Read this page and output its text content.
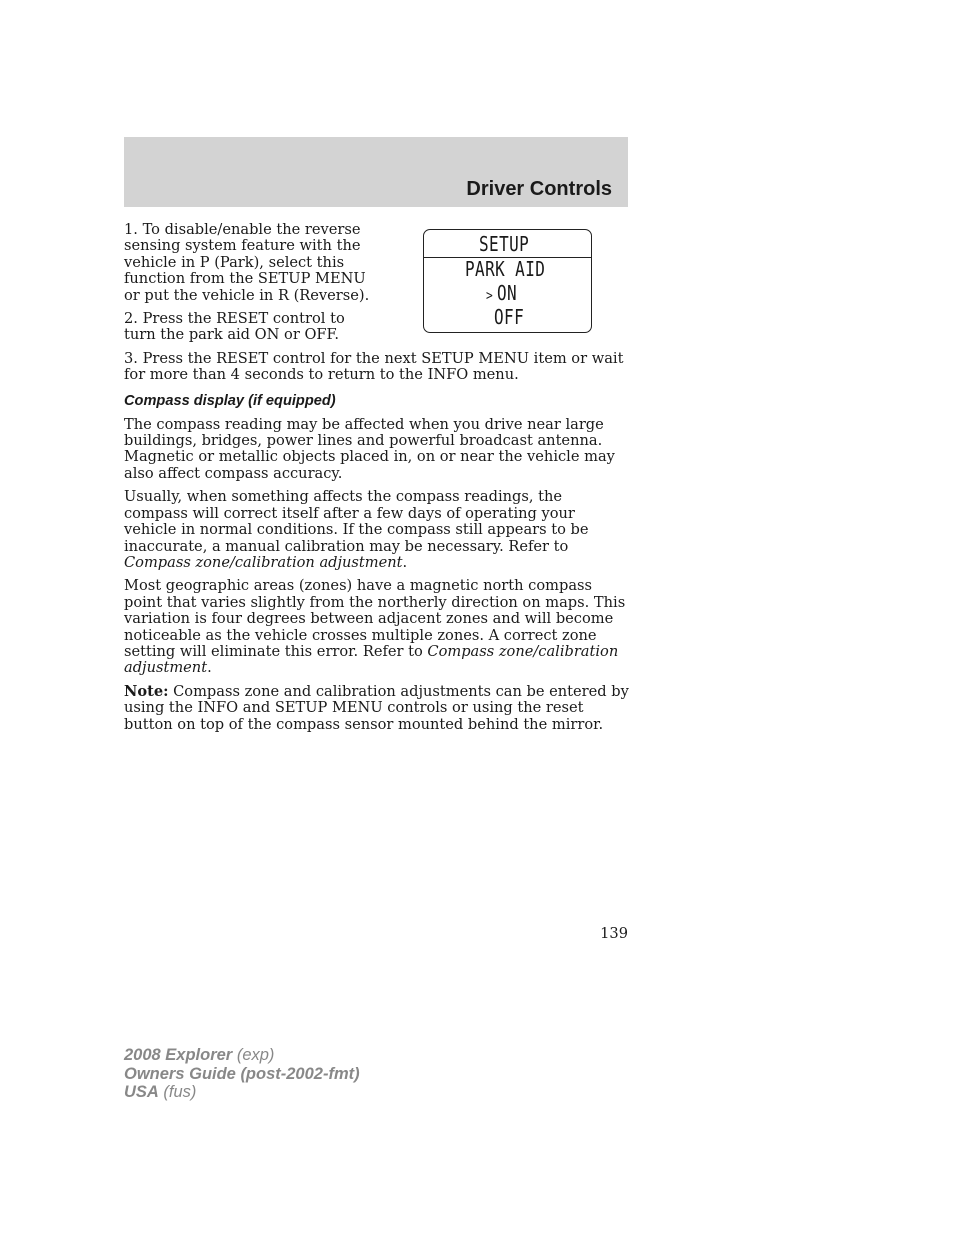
Driver Controls
SETUP
PARK AID
> ON
OFF

1. To disable/enable the reverse sensing system feature with the vehicle in P (Park), select this function from the SETUP MENU or put the vehicle in R (Reverse).

2. Press the RESET control to turn the park aid ON or OFF.

3. Press the RESET control for the next SETUP MENU item or wait for more than 4 seconds to return to the INFO menu.

Compass display (if equipped)

The compass reading may be affected when you drive near large buildings, bridges, power lines and powerful broadcast antenna. Magnetic or metallic objects placed in, on or near the vehicle may also affect compass accuracy.

Usually, when something affects the compass readings, the compass will correct itself after a few days of operating your vehicle in normal conditions. If the compass still appears to be inaccurate, a manual calibration may be necessary. Refer to Compass zone/calibration adjustment.

Most geographic areas (zones) have a magnetic north compass point that varies slightly from the northerly direction on maps. This variation is four degrees between adjacent zones and will become noticeable as the vehicle crosses multiple zones. A correct zone setting will eliminate this error. Refer to Compass zone/calibration adjustment.

Note: Compass zone and calibration adjustments can be entered by using the INFO and SETUP MENU controls or using the reset button on top of the compass sensor mounted behind the mirror.

139
2008 Explorer (exp)
Owners Guide (post-2002-fmt)
USA (fus)
